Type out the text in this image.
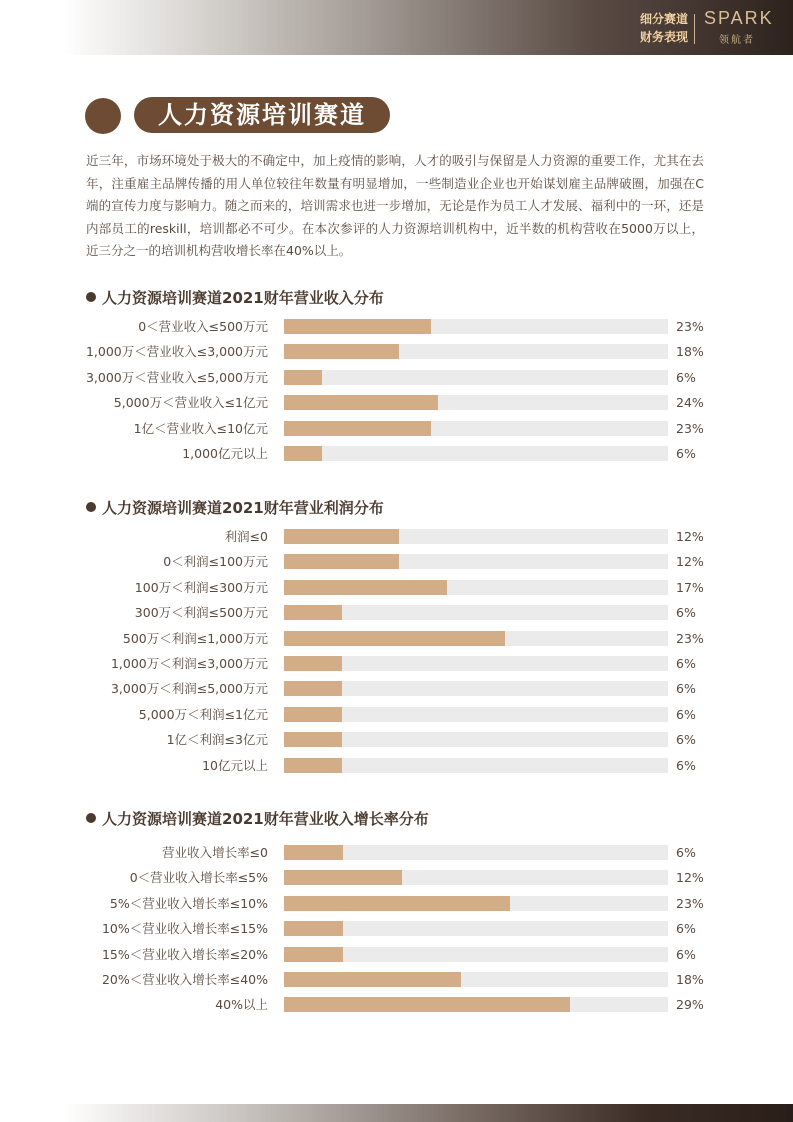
细分赛道
财务表现
SPARK
领航者
人力资源培训赛道
近三年，市场环境处于极大的不确定中，加上疫情的影响，人才的吸引与保留是人力资源的重要工作，尤其在去年，注重雇主品牌传播的用人单位较往年数量有明显增加，一些制造业企业也开始谋划雇主品牌破圈，加强在C端的宣传力度与影响力。随之而来的，培训需求也进一步增加，无论是作为员工人才发展、福利中的一环，还是内部员工的reskill，培训都必不可少。在本次参评的人力资源培训机构中，近半数的机构营收在5000万以上，近三分之一的培训机构营收增长率在40%以上。
人力资源培训赛道2021财年营业收入分布
0＜营业收入≤500万元	23%
1,000万＜营业收入≤3,000万元	18%
3,000万＜营业收入≤5,000万元	6%
5,000万＜营业收入≤1亿元	24%
1亿＜营业收入≤10亿元	23%
1,000亿元以上	6%
人力资源培训赛道2021财年营业利润分布
利润≤0	12%
0＜利润≤100万元	12%
100万＜利润≤300万元	17%
300万＜利润≤500万元	6%
500万＜利润≤1,000万元	23%
1,000万＜利润≤3,000万元	6%
3,000万＜利润≤5,000万元	6%
5,000万＜利润≤1亿元	6%
1亿＜利润≤3亿元	6%
10亿元以上	6%
人力资源培训赛道2021财年营业收入增长率分布
营业收入增长率≤0	6%
0＜营业收入增长率≤5%	12%
5%＜营业收入增长率≤10%	23%
10%＜营业收入增长率≤15%	6%
15%＜营业收入增长率≤20%	6%
20%＜营业收入增长率≤40%	18%
40%以上	29%
